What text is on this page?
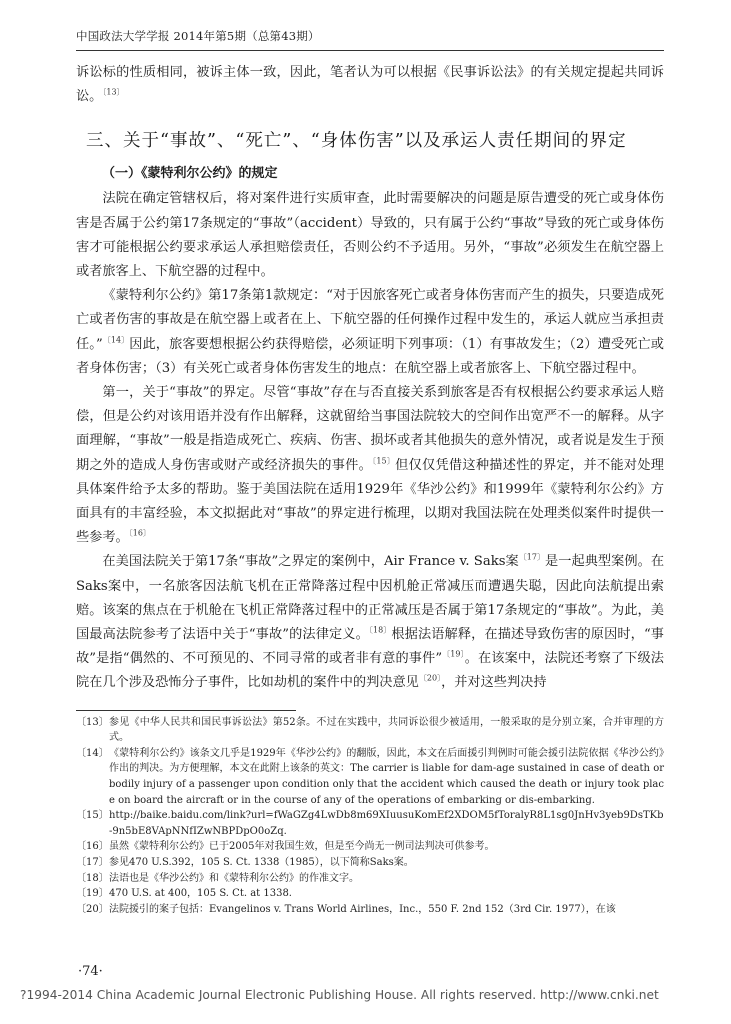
中国政法大学学报 2014年第5期（总第43期）

诉讼标的性质相同，被诉主体一致，因此，笔者认为可以根据《民事诉讼法》的有关规定提起共同诉讼。$^{〔13〕}$

三、关于“事故”、“死亡”、“身体伤害”以及承运人责任期间的界定
（一）《蒙特利尔公约》的规定

法院在确定管辖权后，将对案件进行实质审查，此时需要解决的问题是原告遭受的死亡或身体伤害是否属于公约第17条规定的“事故”（accident）导致的，只有属于公约“事故”导致的死亡或身体伤害才可能根据公约要求承运人承担赔偿责任，否则公约不予适用。另外，“事故”必须发生在航空器上或者旅客上、下航空器的过程中。

《蒙特利尔公约》第17条第1款规定：“对于因旅客死亡或者身体伤害而产生的损失，只要造成死亡或者伤害的事故是在航空器上或者在上、下航空器的任何操作过程中发生的，承运人就应当承担责任。”$^{〔14〕}$因此，旅客要想根据公约获得赔偿，必须证明下列事项：（1）有事故发生；（2）遭受死亡或者身体伤害；（3）有关死亡或者身体伤害发生的地点：在航空器上或者旅客上、下航空器过程中。

第一，关于“事故”的界定。尽管“事故”存在与否直接关系到旅客是否有权根据公约要求承运人赔偿，但是公约对该用语并没有作出解释，这就留给当事国法院较大的空间作出宽严不一的解释。从字面理解，“事故”一般是指造成死亡、疾病、伤害、损坏或者其他损失的意外情况，或者说是发生于预期之外的造成人身伤害或财产或经济损失的事件。$^{〔15〕}$但仅仅凭借这种描述性的界定，并不能对处理具体案件给予太多的帮助。鉴于美国法院在适用1929年《华沙公约》和1999年《蒙特利尔公约》方面具有的丰富经验，本文拟据此对“事故”的界定进行梳理，以期对我国法院在处理类似案件时提供一些参考。$^{〔16〕}$

在美国法院关于第17条“事故”之界定的案例中，Air France v. Saks案$^{〔17〕}$是一起典型案例。在Saks案中，一名旅客因法航飞机在正常降落过程中因机舱正常减压而遭遇失聪，因此向法航提出索赔。该案的焦点在于机舱在飞机正常降落过程中的正常减压是否属于第17条规定的“事故”。为此，美国最高法院参考了法语中关于“事故”的法律定义。$^{〔18〕}$根据法语解释，在描述导致伤害的原因时，“事故”是指“偶然的、不可预见的、不同寻常的或者非有意的事件”$^{〔19〕}$。在该案中，法院还考察了下级法院在几个涉及恐怖分子事件，比如劫机的案件中的判决意见$^{〔20〕}$，并对这些判决持

〔13〕 参见《中华人民共和国民事诉讼法》第52条。不过在实践中，共同诉讼很少被适用，一般采取的是分别立案，合并审理的方式。
〔14〕 《蒙特利尔公约》该条文几乎是1929年《华沙公约》的翻版，因此，本文在后面援引判例时可能会援引法院依据《华沙公约》作出的判决。为方便理解，本文在此附上该条的英文：The carrier is liable for dam-age sustained in case of death or bodily injury of a passenger upon condition only that the accident which caused the death or injury took place on board the aircraft or in the course of any of the operations of embarking or dis-embarking.
〔15〕 http://baike.baidu.com/link?url=fWaGZg4LwDb8m69XIuusuKomEf2XDOM5fToralyR8L1sg0JnHv3yeb9DsTKb-9n5bE8VApNNfIZwNBPDpO0oZq.
〔16〕 虽然《蒙特利尔公约》已于2005年对我国生效，但是至今尚无一例司法判决可供参考。
〔17〕 参见470 U.S.392，105 S. Ct. 1338（1985），以下简称Saks案。
〔18〕 法语也是《华沙公约》和《蒙特利尔公约》的作准文字。
〔19〕 470 U.S. at 400，105 S. Ct. at 1338.
〔20〕 法院援引的案子包括：Evangelinos v. Trans World Airlines，Inc.，550 F. 2nd 152（3rd Cir. 1977），在该
·74·
?1994-2014 China Academic Journal Electronic Publishing House. All rights reserved. http://www.cnki.net
